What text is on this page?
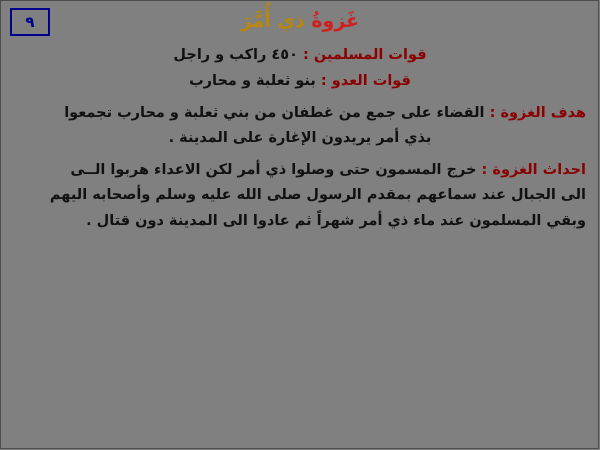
٩	غَزوةُ ذي أُمَّرَ
قوات المسلمين : ٤٥٠ راكب و راجل
قوات العدو : بنو ثعلبة و محارب
هدف الغزوة : القضاء على جمع من غطفان من بني ثعلبة و محارب تجمعوا
بذي أمر يريدون الإغارة على المدينة .
احداث الغزوة : خرج المسمون حتى وصلوا ذي أمر لكن الاعداء هربوا الــى
الى الجبال عند سماعهم بمقدم الرسول صلى الله عليه وسلم وأصحابه اليهم
وبقي المسلمون عند ماء ذي أمر شهراً ثم عادوا الى المدينة دون قتال .
